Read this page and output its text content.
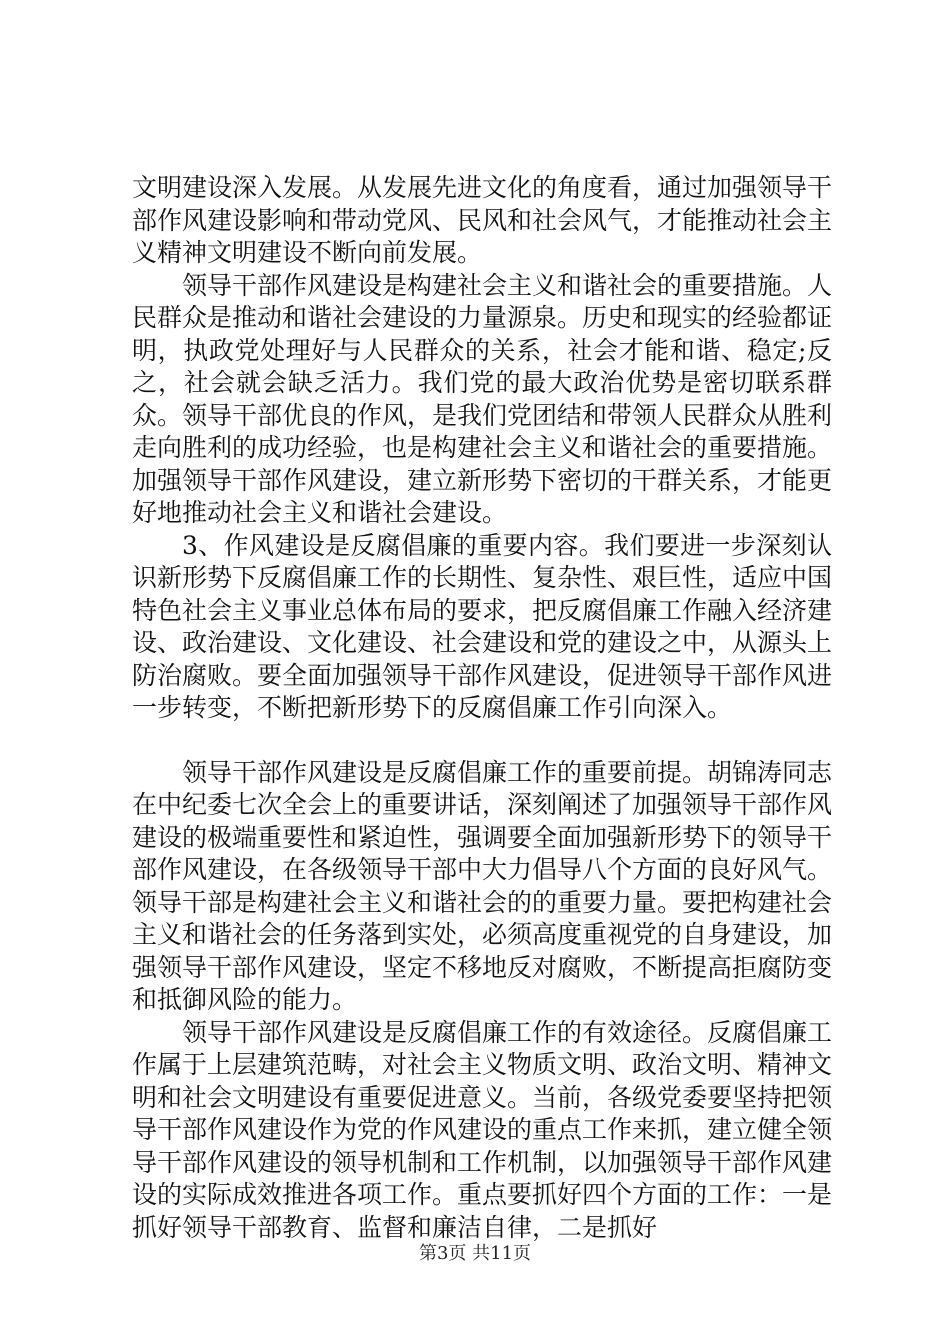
文明建设深入发展。从发展先进文化的角度看，通过加强领导干部作风建设影响和带动党风、民风和社会风气，才能推动社会主义精神文明建设不断向前发展。

领导干部作风建设是构建社会主义和谐社会的重要措施。人民群众是推动和谐社会建设的力量源泉。历史和现实的经验都证明，执政党处理好与人民群众的关系，社会才能和谐、稳定;反之，社会就会缺乏活力。我们党的最大政治优势是密切联系群众。领导干部优良的作风，是我们党团结和带领人民群众从胜利走向胜利的成功经验，也是构建社会主义和谐社会的重要措施。加强领导干部作风建设，建立新形势下密切的干群关系，才能更好地推动社会主义和谐社会建设。

3、作风建设是反腐倡廉的重要内容。我们要进一步深刻认识新形势下反腐倡廉工作的长期性、复杂性、艰巨性，适应中国特色社会主义事业总体布局的要求，把反腐倡廉工作融入经济建设、政治建设、文化建设、社会建设和党的建设之中，从源头上防治腐败。要全面加强领导干部作风建设，促进领导干部作风进一步转变，不断把新形势下的反腐倡廉工作引向深入。

领导干部作风建设是反腐倡廉工作的重要前提。胡锦涛同志在中纪委七次全会上的重要讲话，深刻阐述了加强领导干部作风建设的极端重要性和紧迫性，强调要全面加强新形势下的领导干部作风建设，在各级领导干部中大力倡导八个方面的良好风气。领导干部是构建社会主义和谐社会的的重要力量。要把构建社会主义和谐社会的任务落到实处，必须高度重视党的自身建设，加强领导干部作风建设，坚定不移地反对腐败，不断提高拒腐防变和抵御风险的能力。

领导干部作风建设是反腐倡廉工作的有效途径。反腐倡廉工作属于上层建筑范畴，对社会主义物质文明、政治文明、精神文明和社会文明建设有重要促进意义。当前，各级党委要坚持把领导干部作风建设作为党的作风建设的重点工作来抓，建立健全领导干部作风建设的领导机制和工作机制，以加强领导干部作风建设的实际成效推进各项工作。重点要抓好四个方面的工作：一是抓好领导干部教育、监督和廉洁自律，二是抓好

第3页 共11页
